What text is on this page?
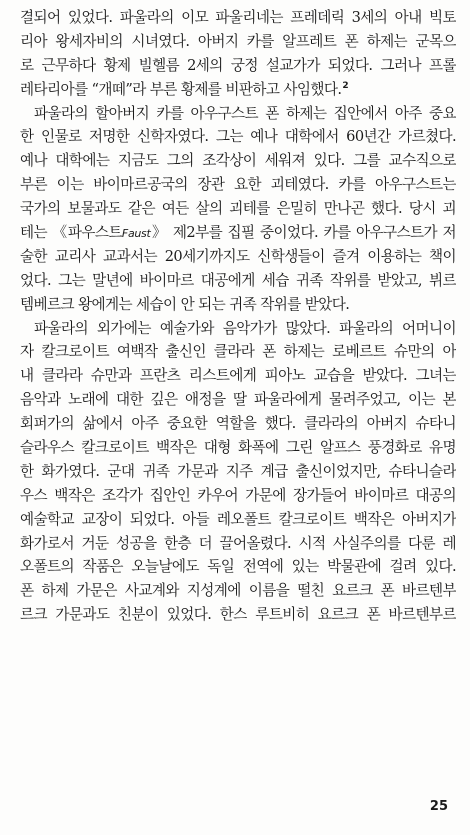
결되어 있었다. 파울라의 이모 파울리네는 프레데릭 3세의 아내 빅토
리아 왕세자비의 시녀였다. 아버지 카를 알프레트 폰 하제는 군목으
로 근무하다 황제 빌헬름 2세의 궁정 설교가가 되었다. 그러나 프롤
레타리아를 “개떼”라 부른 황제를 비판하고 사임했다.$^2$
파울라의 할아버지 카를 아우구스트 폰 하제는 집안에서 아주 중요
한 인물로 저명한 신학자였다. 그는 예나 대학에서 60년간 가르쳤다.
예나 대학에는 지금도 그의 조각상이 세워져 있다. 그를 교수직으로
부른 이는 바이마르공국의 장관 요한 괴테였다. 카를 아우구스트는
국가의 보물과도 같은 여든 살의 괴테를 은밀히 만나곤 했다. 당시 괴
테는 《파우스트Faust》 제2부를 집필 중이었다. 카를 아우구스트가 저
술한 교리사 교과서는 20세기까지도 신학생들이 즐겨 이용하는 책이
었다. 그는 말년에 바이마르 대공에게 세습 귀족 작위를 받았고, 뷔르
템베르크 왕에게는 세습이 안 되는 귀족 작위를 받았다.
파울라의 외가에는 예술가와 음악가가 많았다. 파울라의 어머니이
자 칼크로이트 여백작 출신인 클라라 폰 하제는 로베르트 슈만의 아
내 클라라 슈만과 프란츠 리스트에게 피아노 교습을 받았다. 그녀는
음악과 노래에 대한 깊은 애정을 딸 파울라에게 물려주었고, 이는 본
회퍼가의 삶에서 아주 중요한 역할을 했다. 클라라의 아버지 슈타니
슬라우스 칼크로이트 백작은 대형 화폭에 그린 알프스 풍경화로 유명
한 화가였다. 군대 귀족 가문과 지주 계급 출신이었지만, 슈타니슬라
우스 백작은 조각가 집안인 카우어 가문에 장가들어 바이마르 대공의
예술학교 교장이 되었다. 아들 레오폴트 칼크로이트 백작은 아버지가
화가로서 거둔 성공을 한층 더 끌어올렸다. 시적 사실주의를 다룬 레
오폴트의 작품은 오늘날에도 독일 전역에 있는 박물관에 걸려 있다.
폰 하제 가문은 사교계와 지성계에 이름을 떨친 요르크 폰 바르텐부
르크 가문과도 친분이 있었다. 한스 루트비히 요르크 폰 바르텐부르
25
